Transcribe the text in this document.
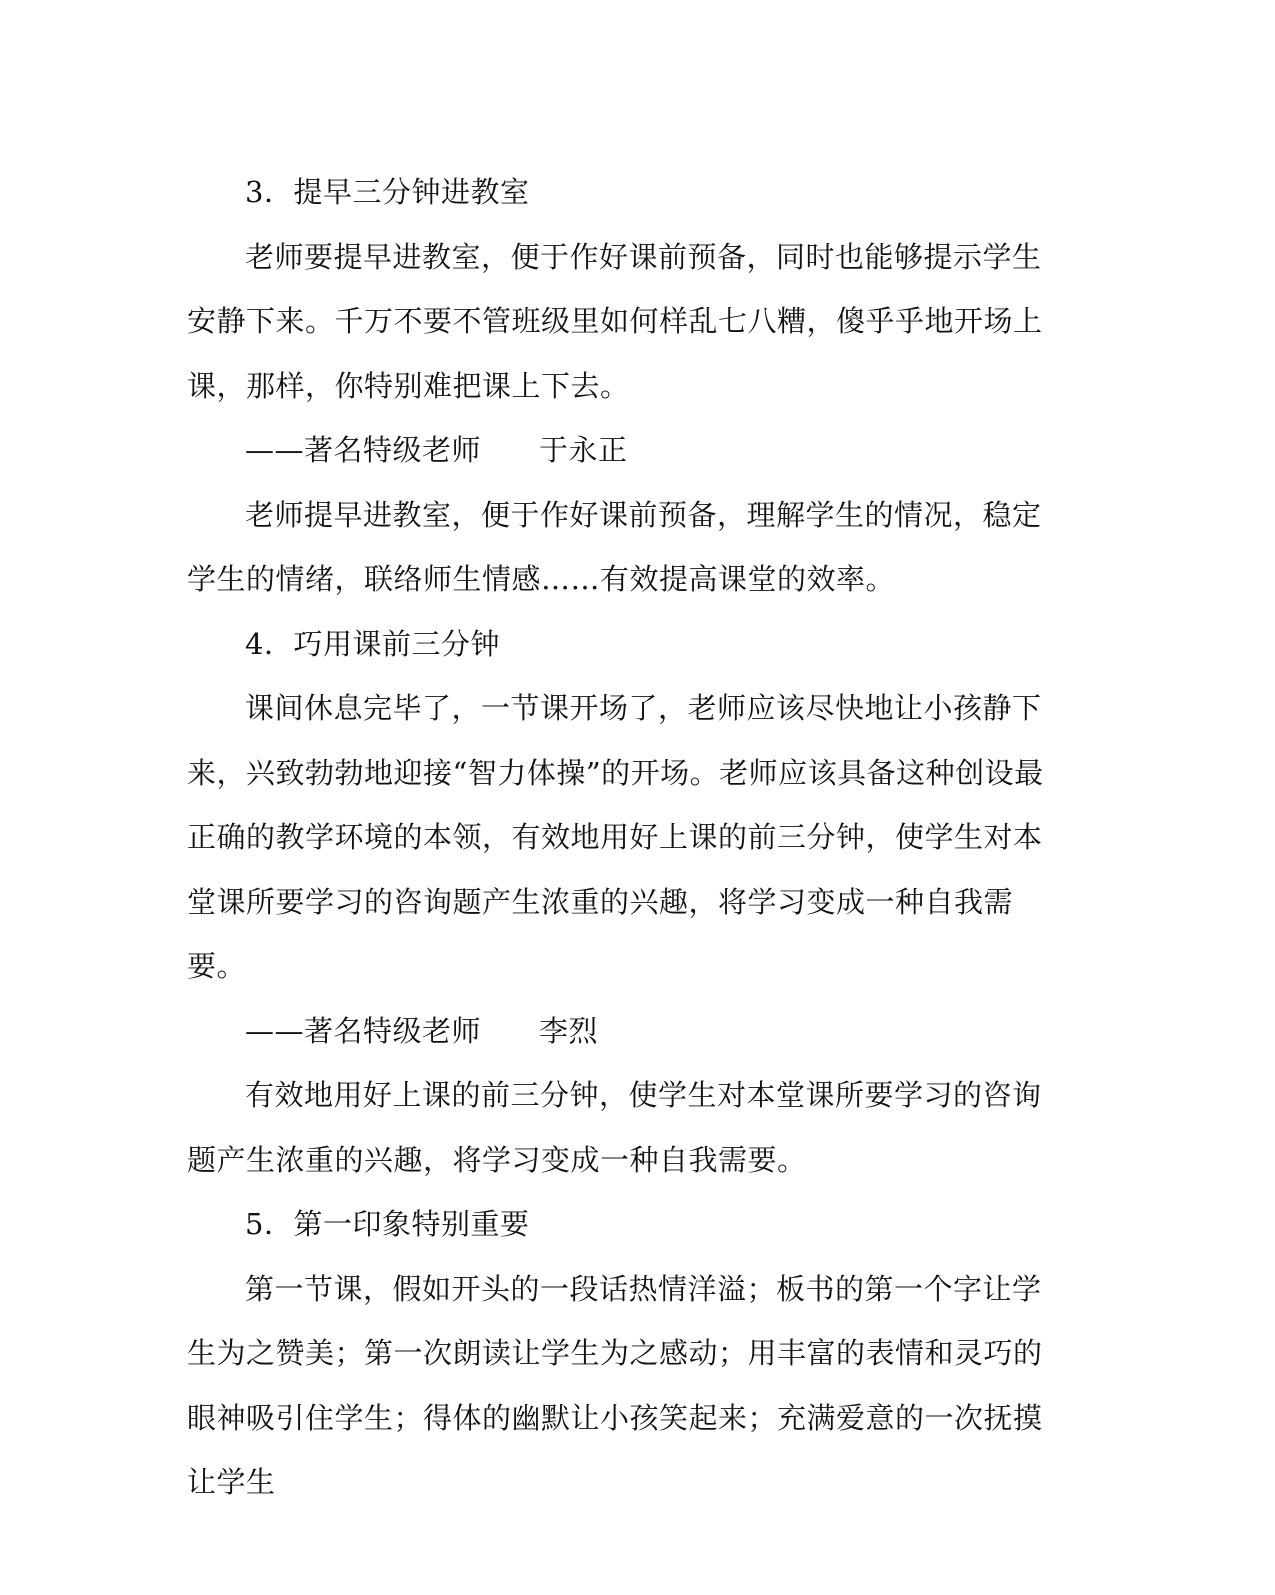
3．提早三分钟进教室

老师要提早进教室，便于作好课前预备，同时也能够提示学生安静下来。千万不要不管班级里如何样乱七八糟，傻乎乎地开场上课，那样，你特别难把课上下去。

——著名特级老师 于永正

老师提早进教室，便于作好课前预备，理解学生的情况，稳定学生的情绪，联络师生情感……有效提高课堂的效率。

4．巧用课前三分钟

课间休息完毕了，一节课开场了，老师应该尽快地让小孩静下来，兴致勃勃地迎接“智力体操”的开场。老师应该具备这种创设最正确的教学环境的本领，有效地用好上课的前三分钟，使学生对本堂课所要学习的咨询题产生浓重的兴趣，将学习变成一种自我需要。

——著名特级老师 李烈

有效地用好上课的前三分钟，使学生对本堂课所要学习的咨询题产生浓重的兴趣，将学习变成一种自我需要。

5．第一印象特别重要

第一节课，假如开头的一段话热情洋溢；板书的第一个字让学生为之赞美；第一次朗读让学生为之感动；用丰富的表情和灵巧的眼神吸引住学生；得体的幽默让小孩笑起来；充满爱意的一次抚摸让学生
